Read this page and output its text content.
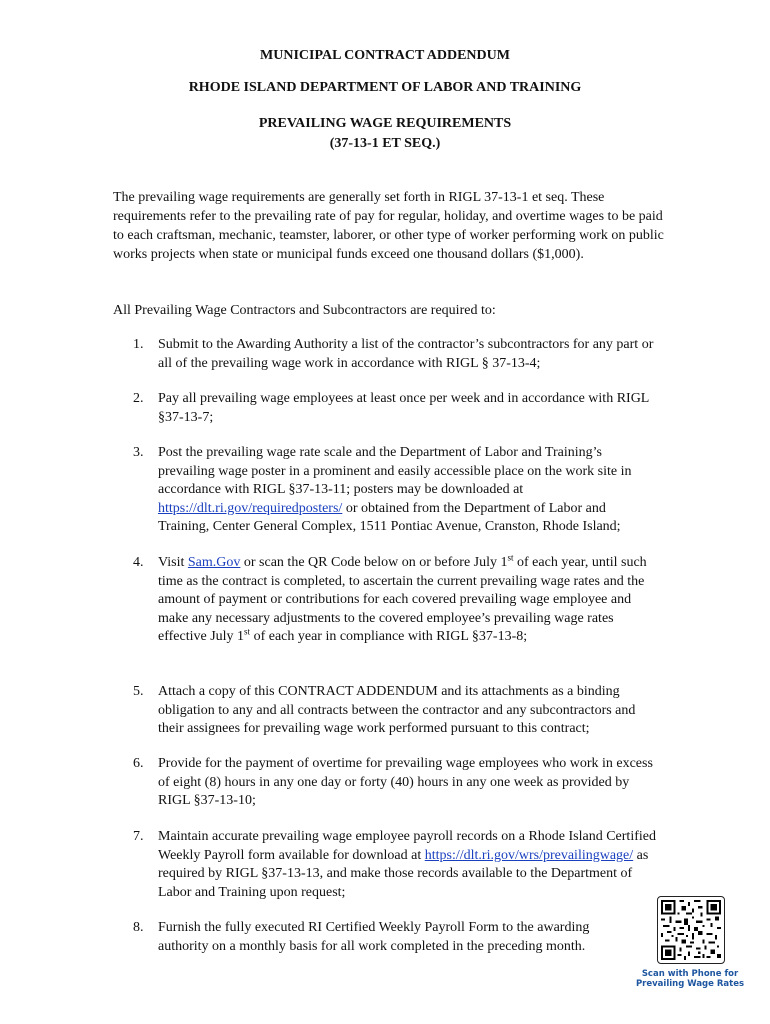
MUNICIPAL CONTRACT ADDENDUM
RHODE ISLAND DEPARTMENT OF LABOR AND TRAINING
PREVAILING WAGE REQUIREMENTS
(37-13-1 ET SEQ.)
The prevailing wage requirements are generally set forth in RIGL 37-13-1 et seq. These requirements refer to the prevailing rate of pay for regular, holiday, and overtime wages to be paid to each craftsman, mechanic, teamster, laborer, or other type of worker performing work on public works projects when state or municipal funds exceed one thousand dollars ($1,000).
All Prevailing Wage Contractors and Subcontractors are required to:
1. Submit to the Awarding Authority a list of the contractor’s subcontractors for any part or all of the prevailing wage work in accordance with RIGL § 37-13-4;
2. Pay all prevailing wage employees at least once per week and in accordance with RIGL §37-13-7;
3. Post the prevailing wage rate scale and the Department of Labor and Training’s prevailing wage poster in a prominent and easily accessible place on the work site in accordance with RIGL §37-13-11; posters may be downloaded at https://dlt.ri.gov/requiredposters/ or obtained from the Department of Labor and Training, Center General Complex, 1511 Pontiac Avenue, Cranston, Rhode Island;
4. Visit Sam.Gov or scan the QR Code below on or before July 1st of each year, until such time as the contract is completed, to ascertain the current prevailing wage rates and the amount of payment or contributions for each covered prevailing wage employee and make any necessary adjustments to the covered employee’s prevailing wage rates effective July 1st of each year in compliance with RIGL §37-13-8;
5. Attach a copy of this CONTRACT ADDENDUM and its attachments as a binding obligation to any and all contracts between the contractor and any subcontractors and their assignees for prevailing wage work performed pursuant to this contract;
6. Provide for the payment of overtime for prevailing wage employees who work in excess of eight (8) hours in any one day or forty (40) hours in any one week as provided by RIGL §37-13-10;
7. Maintain accurate prevailing wage employee payroll records on a Rhode Island Certified Weekly Payroll form available for download at https://dlt.ri.gov/wrs/prevailingwage/ as required by RIGL §37-13-13, and make those records available to the Department of Labor and Training upon request;
8. Furnish the fully executed RI Certified Weekly Payroll Form to the awarding authority on a monthly basis for all work completed in the preceding month.
Scan with Phone for
Prevailing Wage Rates
